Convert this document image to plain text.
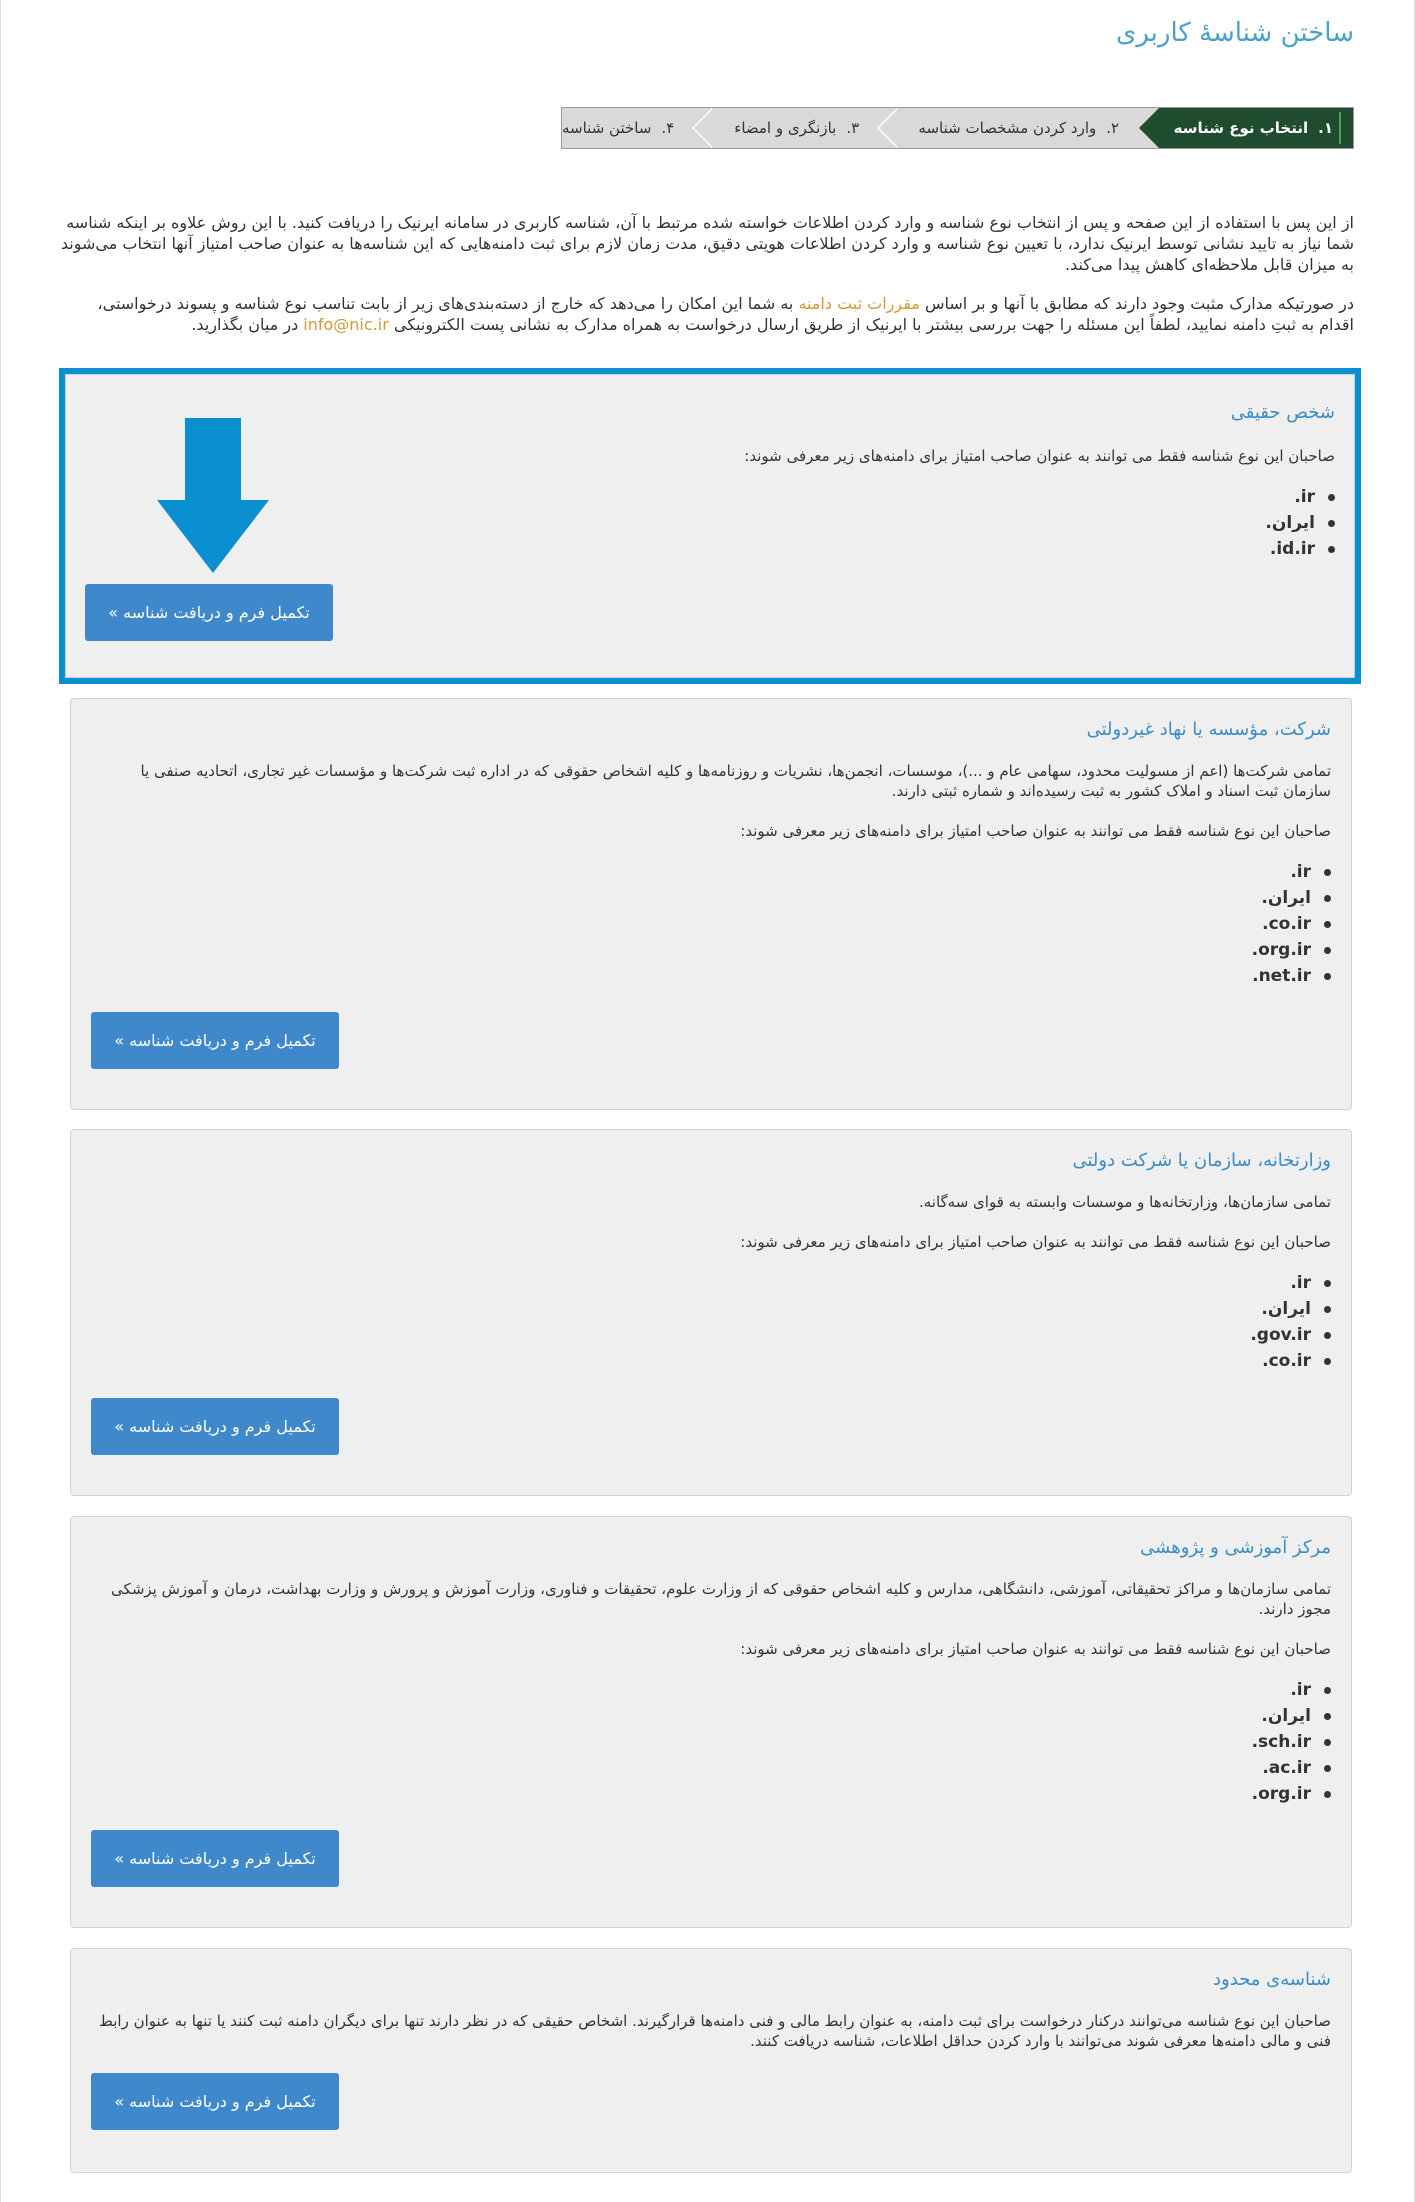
ساختن شناسهٔ کاربری
۱.
انتخاب نوع شناسه
۲.
وارد کردن مشخصات شناسه
۳.
بازنگری و امضاء
۴.
ساختن شناسه

از این پس با استفاده از این صفحه و پس از انتخاب نوع شناسه و وارد کردن اطلاعات خواسته شده مرتبط با آن، شناسه کاربری در سامانه ایرنیک را دریافت کنید. با این روش علاوه بر اینکه شناسه شما نیاز به تایید نشانی توسط ایرنیک ندارد، با تعیین نوع شناسه و وارد کردن اطلاعات هویتی دقیق، مدت زمان لازم برای ثبت دامنه‌هایی که این شناسه‌ها به عنوان صاحب امتیاز آنها انتخاب می‌شوند به میزان قابل ملاحظه‌ای کاهش پیدا می‌کند.

در صورتیکه مدارک مثبت وجود دارند که مطابق با آنها و بر اساس مقررات ثبت دامنه به شما این امکان را می‌دهد که خارج از دسته‌بندی‌های زیر از بابت تناسب نوع شناسه و پسوند درخواستی، اقدام به ثبتِ دامنه نمایید، لطفاً این مسئله را جهت بررسی بیشتر با ایرنیک از طریق ارسال درخواست به همراه مدارک به نشانی پست الکترونیکی info@nic.ir در میان بگذارید.

شخص حقیقی
صاحبان این نوع شناسه فقط می توانند به عنوان صاحب امتیاز برای دامنه‌های زیر معرفی شوند:
.ir
.ایران
.id.ir
تکمیل فرم و دریافت شناسه »
شرکت، مؤسسه یا نهاد غیردولتی
تمامی شرکت‌ها (اعم از مسولیت محدود، سهامی عام و ...)، موسسات، انجمن‌ها، نشریات و روزنامه‌ها و کلیه اشخاص حقوقی که در اداره ثبت شرکت‌ها و مؤسسات غیر تجاری، اتحادیه صنفی یا سازمان ثبت اسناد و املاک کشور به ثبت رسیده‌اند و شماره ثبتی دارند.
صاحبان این نوع شناسه فقط می توانند به عنوان صاحب امتیاز برای دامنه‌های زیر معرفی شوند:
.ir
.ایران
.co.ir
.org.ir
.net.ir
تکمیل فرم و دریافت شناسه »
وزارتخانه، سازمان یا شرکت دولتی
تمامی سازمان‌ها، وزارتخانه‌ها و موسسات وابسته به قوای سه‌گانه.
صاحبان این نوع شناسه فقط می توانند به عنوان صاحب امتیاز برای دامنه‌های زیر معرفی شوند:
.ir
.ایران
.gov.ir
.co.ir
تکمیل فرم و دریافت شناسه »
مرکز آموزشی و پژوهشی
تمامی سازمان‌ها و مراکز تحقیقاتی، آموزشی، دانشگاهی، مدارس و کلیه اشخاص حقوقی که از وزارت علوم، تحقیقات و فناوری، وزارت آموزش و پرورش و وزارت بهداشت، درمان و آموزش پزشکی مجوز دارند.
صاحبان این نوع شناسه فقط می توانند به عنوان صاحب امتیاز برای دامنه‌های زیر معرفی شوند:
.ir
.ایران
.sch.ir
.ac.ir
.org.ir
تکمیل فرم و دریافت شناسه »
شناسه‌ی محدود
صاحبان این نوع شناسه می‌توانند درکنار درخواست برای ثبت دامنه، به عنوان رابط مالی و فنی دامنه‌ها قرارگیرند. اشخاص حقیقی که در نظر دارند تنها برای دیگران دامنه ثبت کنند یا تنها به عنوان رابط فنی و مالی دامنه‌ها معرفی شوند می‌توانند با وارد کردن حداقل اطلاعات، شناسه دریافت کنند.
تکمیل فرم و دریافت شناسه »
